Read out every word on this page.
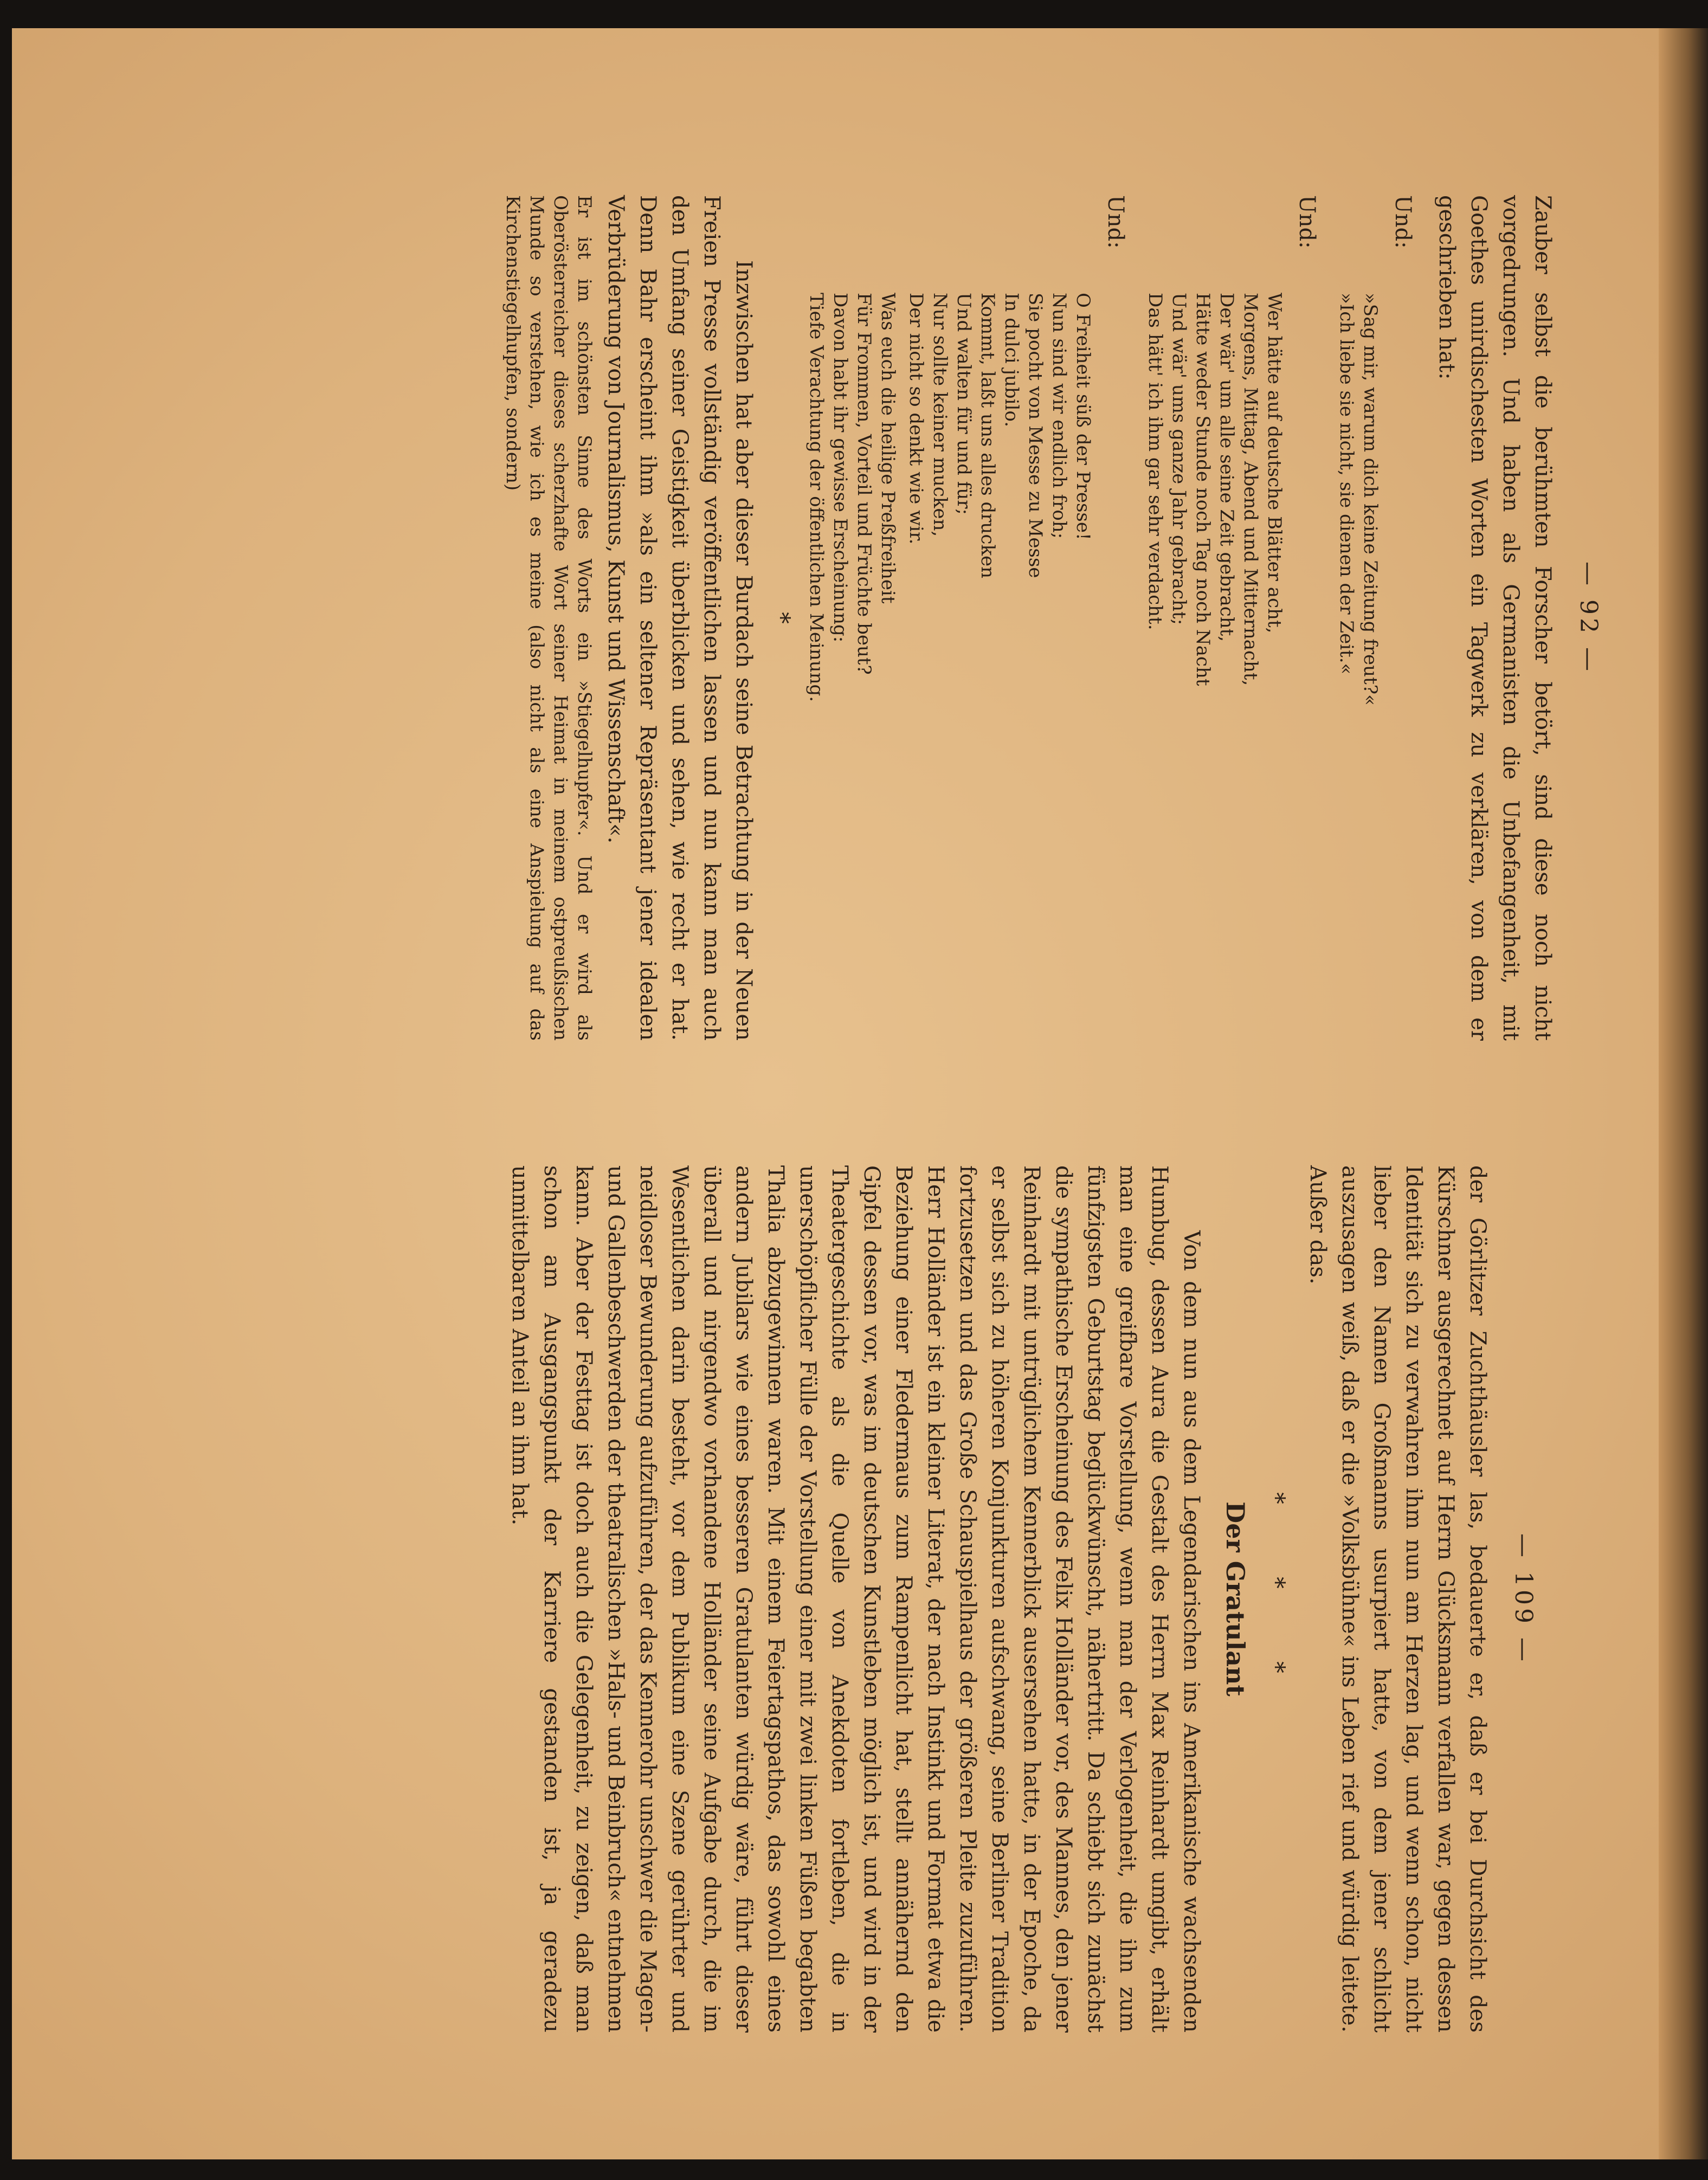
— 92 —

Zauber selbst die berühmten Forscher betört, sind diese noch nicht vorgedrungen. Und haben als Germanisten die Unbefangenheit, mit Goethes unirdischesten Worten ein Tagwerk zu verklären, von dem er geschrieben hat:

Und:

»Sag mir, warum dich keine Zeitung freut?«
»Ich liebe sie nicht, sie dienen der Zeit.«

Und:

Wer hätte auf deutsche Blätter acht,
Morgens, Mittag, Abend und Mitternacht,
Der wär' um alle seine Zeit gebracht,
Hätte weder Stunde noch Tag noch Nacht
Und wär' ums ganze Jahr gebracht;
Das hätt' ich ihm gar sehr verdacht.

Und:

O Freiheit süß der Presse!
Nun sind wir endlich froh;
Sie pocht von Messe zu Messe
In dulci jubilo.
Kommt, laßt uns alles drucken
Und walten für und für;
Nur sollte keiner mucken,
Der nicht so denkt wie wir.
Was euch die heilige Preßfreiheit
Für Frommen, Vorteil und Früchte beut?
Davon habt ihr gewisse Erscheinung:
Tiefe Verachtung der öffentlichen Meinung.

*

Inzwischen hat aber dieser Burdach seine Betrachtung in der Neuen Freien Presse vollständig veröffentlichen lassen und nun kann man auch den Umfang seiner Geistigkeit überblicken und sehen, wie recht er hat. Denn Bahr erscheint ihm »als ein seltener Repräsentant jener idealen Verbrüderung von Journalismus, Kunst und Wissenschaft«.

Er ist im schönsten Sinne des Worts ein »Stiegelhupfer«. Und er wird als Oberösterreicher dieses scherzhafte Wort seiner Heimat in meinem ostpreußischen Munde so verstehen, wie ich es meine (also nicht als eine Anspielung auf das Kirchenstiegelhupfen, sondern)

— 109 —

der Görlitzer Zuchthäusler las, bedauerte er, daß er bei Durchsicht des Kürschner ausgerechnet auf Herrn Glücksmann verfallen war, gegen dessen Identität sich zu verwahren ihm nun am Herzen lag, und wenn schon, nicht lieber den Namen Großmanns usurpiert hatte, von dem jener schlicht auszusagen weiß, daß er die »Volksbühne« ins Leben rief und würdig leitete. Außer das.

* * *

Der Gratulant

Von dem nun aus dem Legendarischen ins Amerikanische wachsenden Humbug, dessen Aura die Gestalt des Herrn Max Reinhardt umgibt, erhält man eine greifbare Vorstellung, wenn man der Verlogenheit, die ihn zum fünfzigsten Geburtstag beglückwünscht, nähertritt. Da schiebt sich zunächst die sympathische Erscheinung des Felix Holländer vor, des Mannes, den jener Reinhardt mit untrüglichem Kennerblick ausersehen hatte, in der Epoche, da er selbst sich zu höheren Konjunkturen aufschwang, seine Berliner Tradition fortzusetzen und das Große Schauspielhaus der größeren Pleite zuzuführen. Herr Holländer ist ein kleiner Literat, der nach Instinkt und Format etwa die Beziehung einer Fledermaus zum Rampenlicht hat, stellt annähernd den Gipfel dessen vor, was im deutschen Kunstleben möglich ist, und wird in der Theatergeschichte als die Quelle von Anekdoten fortleben, die in unerschöpflicher Fülle der Vorstellung einer mit zwei linken Füßen begabten Thalia abzugewinnen waren. Mit einem Feiertagspathos, das sowohl eines andern Jubilars wie eines besseren Gratulanten würdig wäre, führt dieser überall und nirgendwo vorhandene Holländer seine Aufgabe durch, die im Wesentlichen darin besteht, vor dem Publikum eine Szene gerührter und neidloser Bewunderung aufzuführen, der das Kennerohr unschwer die Magen- und Gallenbeschwerden der theatralischen »Hals- und Beinbruch« entnehmen kann. Aber der Festtag ist doch auch die Gelegenheit, zu zeigen, daß man schon am Ausgangspunkt der Karriere gestanden ist, ja geradezu unmittelbaren Anteil an ihm hat.
